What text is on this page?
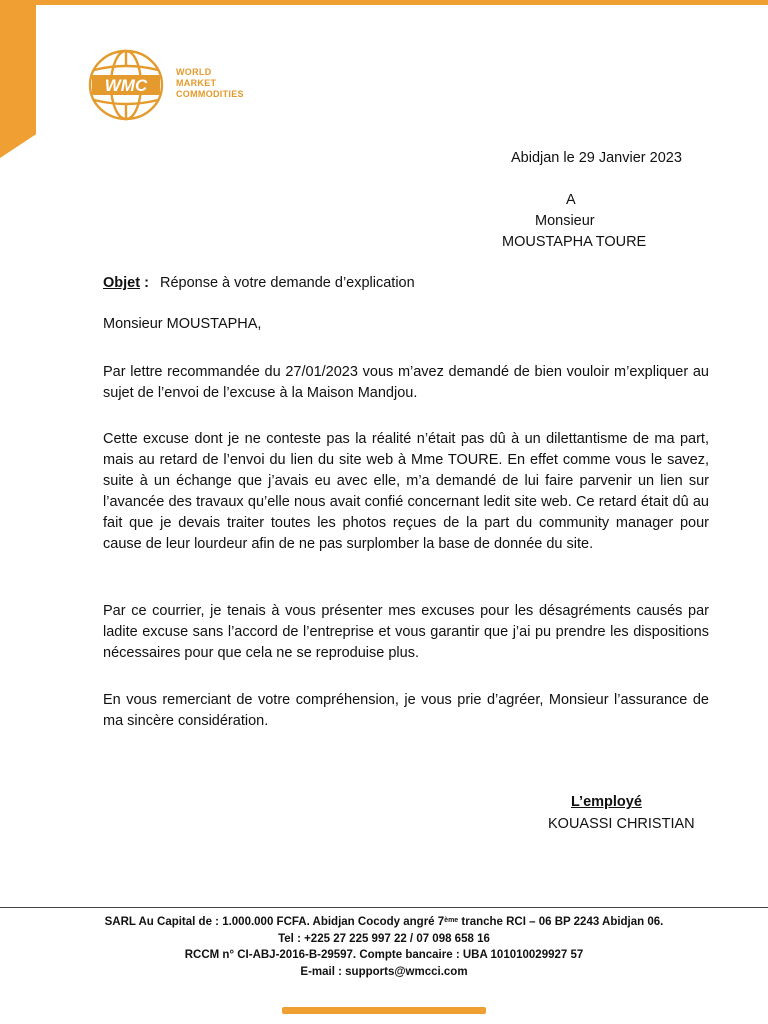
WMC
WORLD
MARKET
COMMODITIES
Abidjan le 29 Janvier 2023
A
Monsieur
MOUSTAPHA TOURE
Objet : Réponse à votre demande d’explication
Monsieur MOUSTAPHA,
Par lettre recommandée du 27/01/2023 vous m’avez demandé de bien vouloir m’expliquer au sujet de l’envoi de l’excuse à la Maison Mandjou.
Cette excuse dont je ne conteste pas la réalité n’était pas dû à un dilettantisme de ma part, mais au retard de l’envoi du lien du site web à Mme TOURE. En effet comme vous le savez, suite à un échange que j’avais eu avec elle, m’a demandé de lui faire parvenir un lien sur l’avancée des travaux qu’elle nous avait confié concernant ledit site web. Ce retard était dû au fait que je devais traiter toutes les photos reçues de la part du community manager pour cause de leur lourdeur afin de ne pas surplomber la base de donnée du site.
Par ce courrier, je tenais à vous présenter mes excuses pour les désagréments causés par ladite excuse sans l’accord de l’entreprise et vous garantir que j’ai pu prendre les dispositions nécessaires pour que cela ne se reproduise plus.
En vous remerciant de votre compréhension, je vous prie d’agréer, Monsieur l’assurance de ma sincère considération.
L’employé
KOUASSI CHRISTIAN
SARL Au Capital de : 1.000.000 FCFA. Abidjan Cocody angré 7ème tranche RCI – 06 BP 2243 Abidjan 06.
Tel : +225 27 225 997 22 / 07 098 658 16
RCCM n° CI-ABJ-2016-B-29597. Compte bancaire : UBA 101010029927 57
E-mail : supports@wmcci.com
